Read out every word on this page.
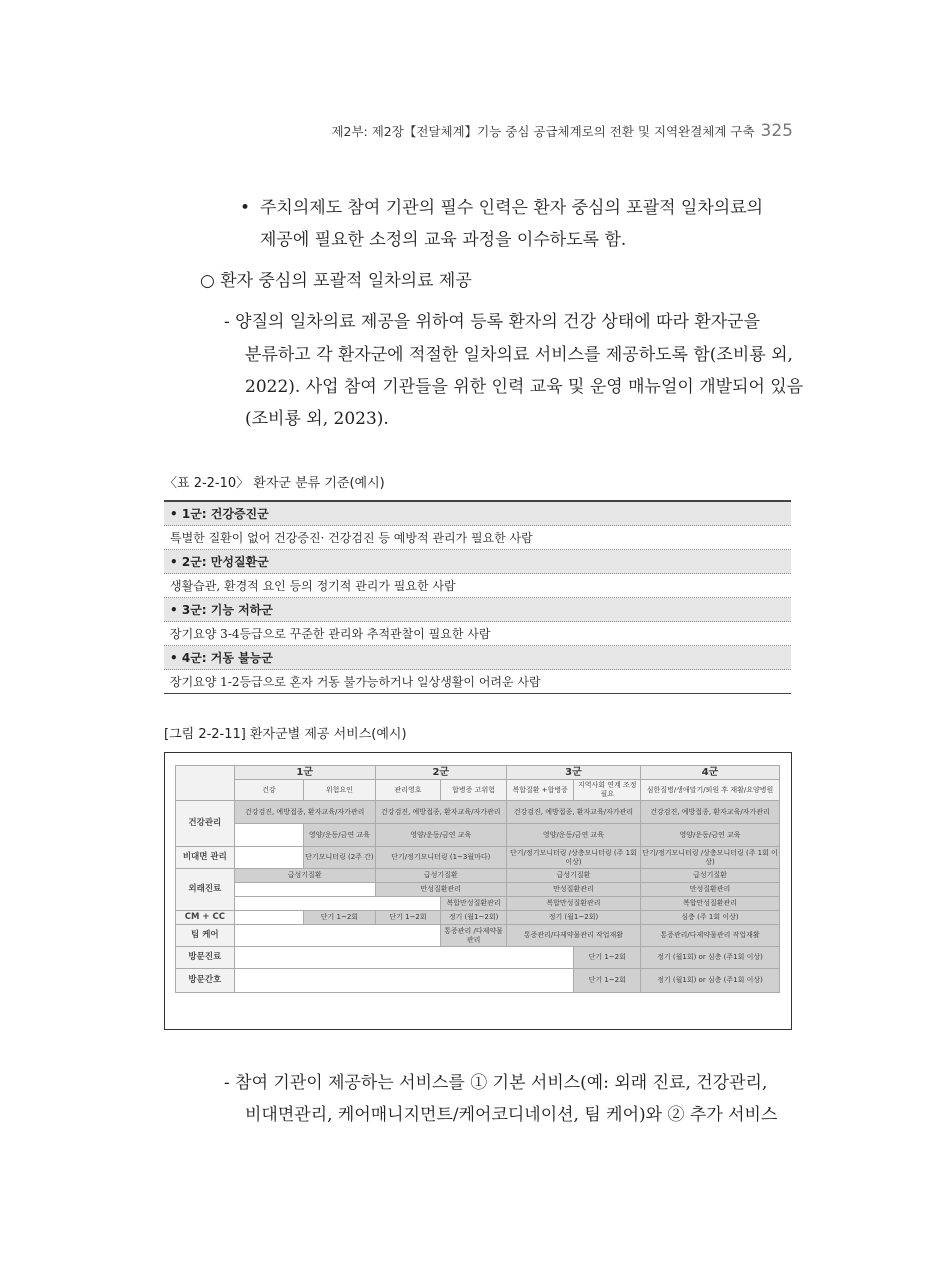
제2부: 제2장【전달체계】기능 중심 공급체계로의 전환 및 지역완결체계 구축 325
• 주치의제도 참여 기관의 필수 인력은 환자 중심의 포괄적 일차의료의
제공에 필요한 소정의 교육 과정을 이수하도록 함.
○ 환자 중심의 포괄적 일차의료 제공
- 양질의 일차의료 제공을 위하여 등록 환자의 건강 상태에 따라 환자군을
분류하고 각 환자군에 적절한 일차의료 서비스를 제공하도록 함(조비룡 외,
2022). 사업 참여 기관들을 위한 인력 교육 및 운영 매뉴얼이 개발되어 있음
(조비룡 외, 2023).
〈표 2-2-10〉 환자군 분류 기준(예시)
• 1군: 건강증진군
특별한 질환이 없어 건강증진· 건강검진 등 예방적 관리가 필요한 사람
• 2군: 만성질환군
생활습관, 환경적 요인 등의 정기적 관리가 필요한 사람
• 3군: 기능 저하군
장기요양 3-4등급으로 꾸준한 관리와 추적관찰이 필요한 사람
• 4군: 거동 불능군
장기요양 1-2등급으로 혼자 거동 불가능하거나 일상생활이 어려운 사람
[그림 2-2-11] 환자군별 제공 서비스(예시)
	1군		2군		3군		4군
	건강	위험요인	관리영호	합병증 고위험	복합질환 +합병증	지역사회 연계 조정 필요	심한질병/생애말기/퇴원 후 재활/요양병원
건강관리	건강검진, 예방접종, 환자교육/자가관리		건강검진, 예방접종, 환자교육/자가관리		건강검진, 예방접종, 환자교육/자가관리		건강검진, 예방접종, 환자교육/자가관리
		영양/운동/금연 교육	영양/운동/금연 교육		영양/운동/금연 교육		영양/운동/금연 교육
비대면 관리		단기모니터링 (2주 간)	단기/정기모니터링 (1~3월마다)		단기/정기모니터링 /상층모니터링 (주 1회 이상)		단기/정기모니터링 /상층모니터링 (주 1회 이상)
외래진료	급성기질환		급성기질환		급성기질환		급성기질환
			만성질환관리		만성질환관리		만성질환관리
				복합만성질환관리	복합만성질환관리		복합만성질환관리
CM + CC		단기 1~2회	단기 1~2회	정기 (월1~2회)	정기 (월1~2회)		심층 (주 1회 이상)
팀 케어				통증관리 /다제약물관리	통증관리/다제약물관리 작업재활		통증관리/다제약물관리 작업재활
방문진료						단기 1~2회	정기 (월1회) or 심층 (주1회 이상)
방문간호						단기 1~2회	정기 (월1회) or 심층 (주1회 이상)
- 참여 기관이 제공하는 서비스를 ① 기본 서비스(예: 외래 진료, 건강관리,
비대면관리, 케어매니지먼트/케어코디네이션, 팀 케어)와 ② 추가 서비스
